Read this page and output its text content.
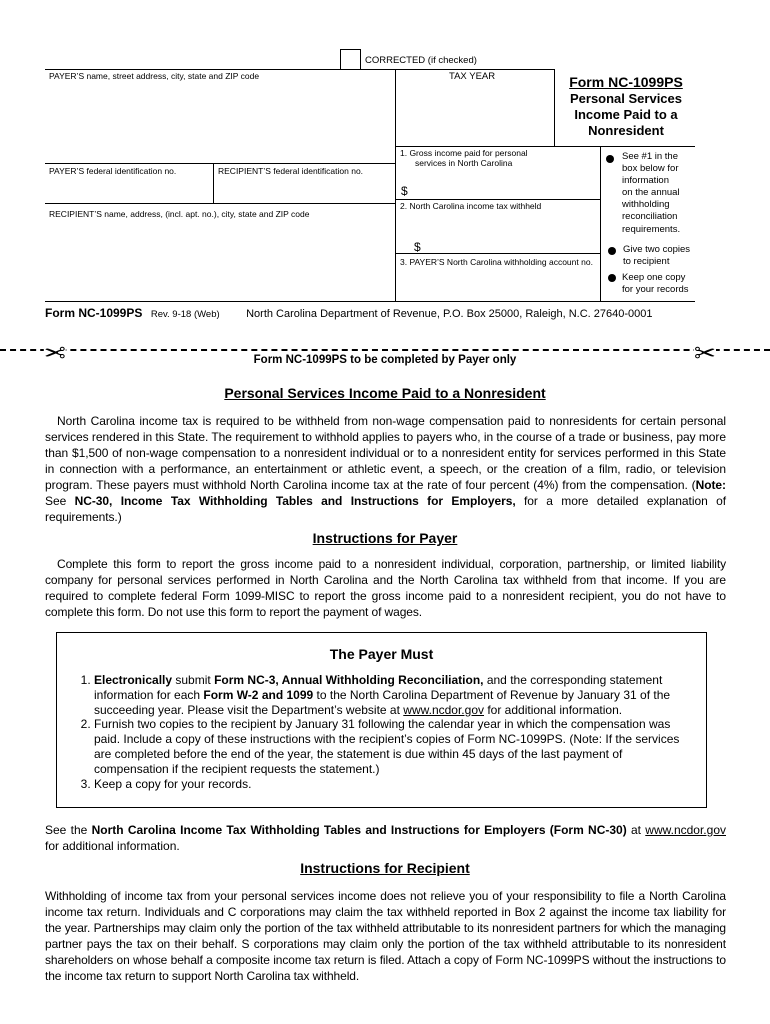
CORRECTED (if checked)
PAYER’S name, street address, city, state and ZIP code	TAX YEAR	Form NC-1099PS
Personal Services
Income Paid to a
Nonresident
1. Gross income paid for personal
services in North Carolina
$
PAYER’S federal identification no.	RECIPIENT’S federal identification no.
2. North Carolina income tax withheld
$
RECIPIENT’S name, address, (incl. apt. no.), city, state and ZIP code
3. PAYER’S North Carolina withholding account no.
See #1 in the
box below for
information
on the annual
withholding
reconciliation
requirements.
Give two copies
to recipient
Keep one copy
for your records
Form NC-1099PS Rev. 9-18 (Web) North Carolina Department of Revenue, P.O. Box 25000, Raleigh, N.C. 27640-0001
✂	✂
Form NC-1099PS to be completed by Payer only
Personal Services Income Paid to a Nonresident
North Carolina income tax is required to be withheld from non-wage compensation paid to nonresidents for certain personal services rendered in this State. The requirement to withhold applies to payers who, in the course of a trade or business, pay more than $1,500 of non-wage compensation to a nonresident individual or to a nonresident entity for services performed in this State in connection with a performance, an entertainment or athletic event, a speech, or the creation of a film, radio, or television program. These payers must withhold North Carolina income tax at the rate of four percent (4%) from the compensation. (Note: See NC-30, Income Tax Withholding Tables and Instructions for Employers, for a more detailed explanation of requirements.)
Instructions for Payer
Complete this form to report the gross income paid to a nonresident individual, corporation, partnership, or limited liability company for personal services performed in North Carolina and the North Carolina tax withheld from that income. If you are required to complete federal Form 1099-MISC to report the gross income paid to a nonresident recipient, you do not have to complete this form. Do not use this form to report the payment of wages.
The Payer Must
1. Electronically submit Form NC-3, Annual Withholding Reconciliation, and the corresponding statement information for each Form W-2 and 1099 to the North Carolina Department of Revenue by January 31 of the succeeding year. Please visit the Department’s website at www.ncdor.gov for additional information.
2. Furnish two copies to the recipient by January 31 following the calendar year in which the compensation was paid. Include a copy of these instructions with the recipient’s copies of Form NC-1099PS. (Note: If the services are completed before the end of the year, the statement is due within 45 days of the last payment of compensation if the recipient requests the statement.)
3. Keep a copy for your records.
See the North Carolina Income Tax Withholding Tables and Instructions for Employers (Form NC-30) at www.ncdor.gov for additional information.
Instructions for Recipient
Withholding of income tax from your personal services income does not relieve you of your responsibility to file a North Carolina income tax return. Individuals and C corporations may claim the tax withheld reported in Box 2 against the income tax liability for the year. Partnerships may claim only the portion of the tax withheld attributable to its nonresident partners for which the managing partner pays the tax on their behalf. S corporations may claim only the portion of the tax withheld attributable to its nonresident shareholders on whose behalf a composite income tax return is filed. Attach a copy of Form NC-1099PS without the instructions to the income tax return to support North Carolina tax withheld.
